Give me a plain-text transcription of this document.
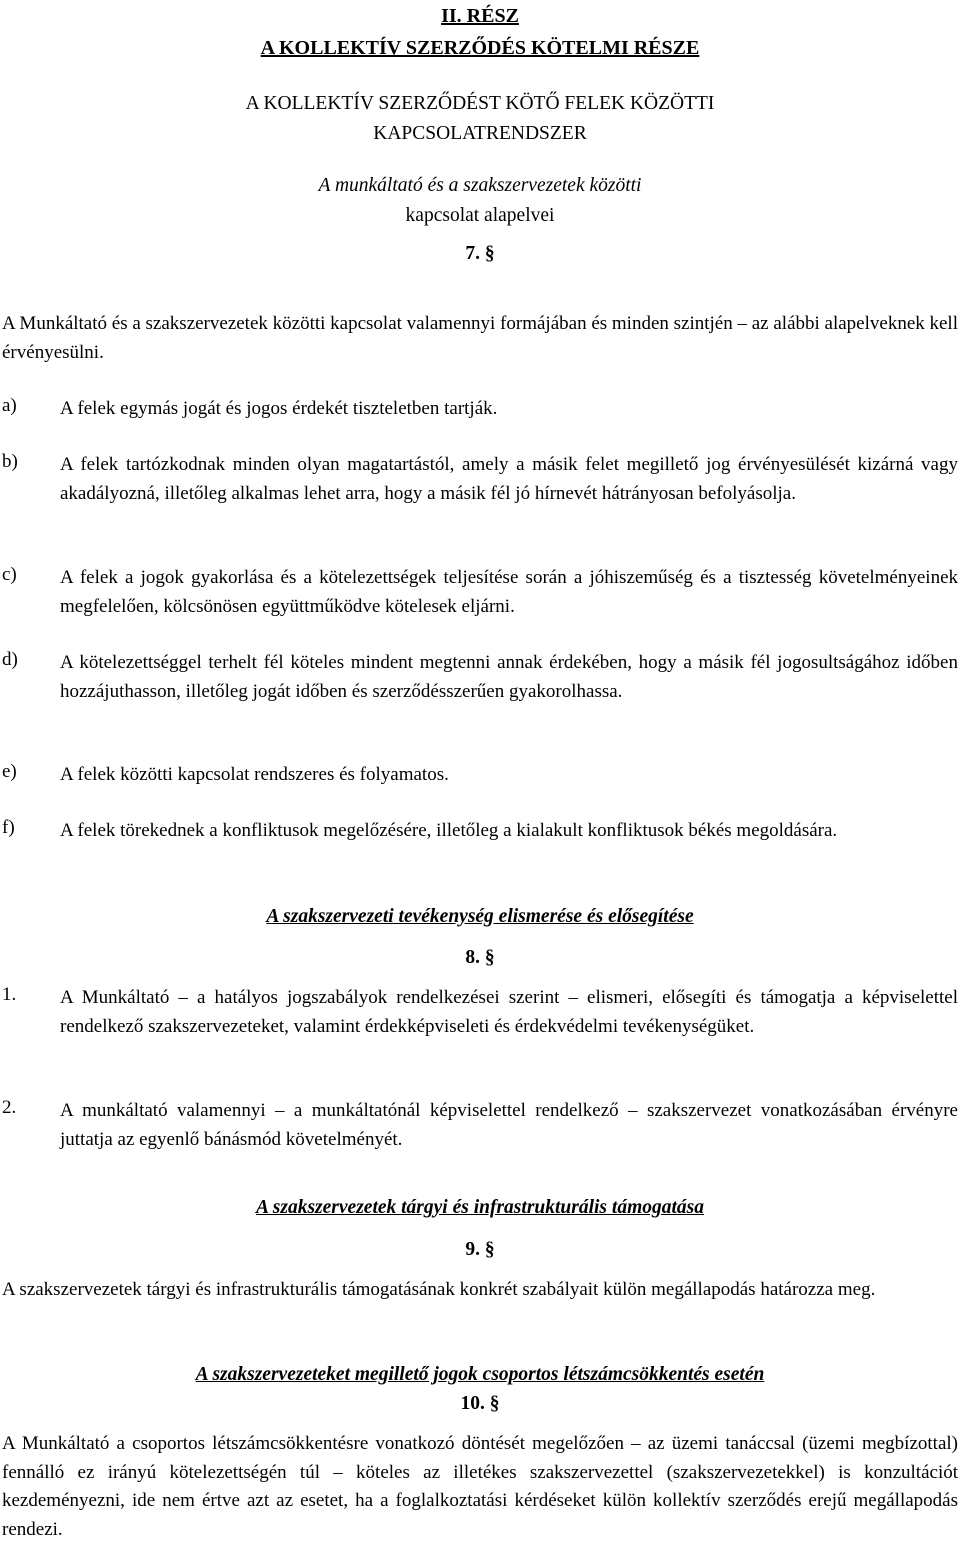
II. RÉSZ
A KOLLEKTÍV SZERZŐDÉS KÖTELMI RÉSZE
A KOLLEKTÍV SZERZŐDÉST KÖTŐ FELEK KÖZÖTTI
KAPCSOLATRENDSZER
A munkáltató és a szakszervezetek közötti
kapcsolat alapelvei
7. §
A Munkáltató és a szakszervezetek közötti kapcsolat valamennyi formájában és minden szintjén – az alábbi alapelveknek kell érvényesülni.
a)	A felek egymás jogát és jogos érdekét tiszteletben tartják.
b)	A felek tartózkodnak minden olyan magatartástól, amely a másik felet megillető jog érvényesülését kizárná vagy akadályozná, illetőleg alkalmas lehet arra, hogy a másik fél jó hírnevét hátrányosan befolyásolja.
c)	A felek a jogok gyakorlása és a kötelezettségek teljesítése során a jóhiszeműség és a tisztesség követelményeinek megfelelően, kölcsönösen együttműködve kötelesek eljárni.
d)	A kötelezettséggel terhelt fél köteles mindent megtenni annak érdekében, hogy a másik fél jogosultságához időben hozzájuthasson, illetőleg jogát időben és szerződésszerűen gyakorolhassa.
e)	A felek közötti kapcsolat rendszeres és folyamatos.
f)	A felek törekednek a konfliktusok megelőzésére, illetőleg a kialakult konfliktusok békés megoldására.
A szakszervezeti tevékenység elismerése és elősegítése
8. §
1.	A Munkáltató – a hatályos jogszabályok rendelkezései szerint – elismeri, elősegíti és támogatja a képviselettel rendelkező szakszervezeteket, valamint érdekképviseleti és érdekvédelmi tevékenységüket.
2.	A munkáltató valamennyi – a munkáltatónál képviselettel rendelkező – szakszervezet vonatkozásában érvényre juttatja az egyenlő bánásmód követelményét.
A szakszervezetek tárgyi és infrastrukturális támogatása
9. §
A szakszervezetek tárgyi és infrastrukturális támogatásának konkrét szabályait külön megállapodás határozza meg.
A szakszervezeteket megillető jogok csoportos létszámcsökkentés esetén
10. §
A Munkáltató a csoportos létszámcsökkentésre vonatkozó döntését megelőzően – az üzemi tanáccsal (üzemi megbízottal) fennálló ez irányú kötelezettségén túl – köteles az illetékes szakszervezettel (szakszervezetekkel) is konzultációt kezdeményezni, ide nem értve azt az esetet, ha a foglalkoztatási kérdéseket külön kollektív szerződés erejű megállapodás rendezi.
